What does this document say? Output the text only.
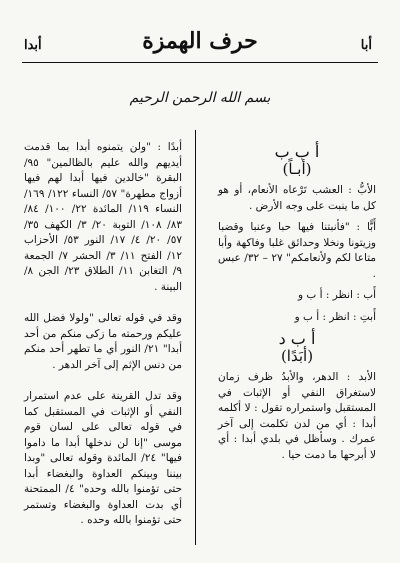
أبا
حرف الهمزة
أبدا
بسم الله الرحمن الرحيم
أ ب ب
(أبـاً)

الأبُّ : العشب تَرْعاه الأنعام، أو هو كل ما ينبت على وجه الأرض .

أَبًّا : "فأنبتنا فيها حبا وعنبا وقضبا وزيتونا ونخلا وحدائق غلبا وفاكهة وأبا متاعا لكم ولأنعامكم" ٢٧ – ٣٢/ عبس .

أَب : انظر : أ ب و

أَبتِ : انظر : أ ب و

أ ب د
(أبَدًا)

الأبد : الدهر، والأبدُ ظرف زمان لاستغراق النفي أو الإثبات في المستقبل واستمراره تقول : لا أكلمه أبدا : أي من لدن تكلمت إلى آخر عمرك . وسأظل في بلدي أبدا : أي لا أبرحها ما دمت حيا .

أبدًا : "ولن يتمنوه أبدا بما قدمت أيديهم والله عليم بالظالمين" ٩٥/ البقرة "خالدين فيها أبدا لهم فيها أزواج مطهرة" ٥٧/ النساء ١٢٢/ ١٦٩/ النساء ١١٩/ المائدة ٢٢/ ١٠٠/ ٨٤/ ٨٣/ ١٠٨/ التوبة ٢٠/ ٣/ الكهف ٣٥/ ٥٧/ ٢٠/ ٤/ ١٧/ النور ٥٣/ الأحزاب ١٢/ الفتح ١١/ ٣/ الحشر ٧/ الجمعة ٩/ التغابن ١١/ الطلاق ٢٣/ الجن ٨/ البينة .

وقد في قوله تعالى "ولولا فضل الله عليكم ورحمته ما زكى منكم من أحد أبدا" ٢١/ النور أي ما تطهر أحد منكم من دنس الإثم إلى آخر الدهر .

وقد تدل القرينة على عدم استمرار النفي أو الإثبات في المستقبل كما في قوله تعالى على لسان قوم موسى "إنا لن ندخلها أبدا ما داموا فيها" ٢٤/ المائدة وقوله تعالى "وبدا بيننا وبينكم العداوة والبغضاء أبدا حتى تؤمنوا بالله وحده" ٤/ الممتحنة أي بدت العداوة والبغضاء وتستمر حتى تؤمنوا بالله وحده .
